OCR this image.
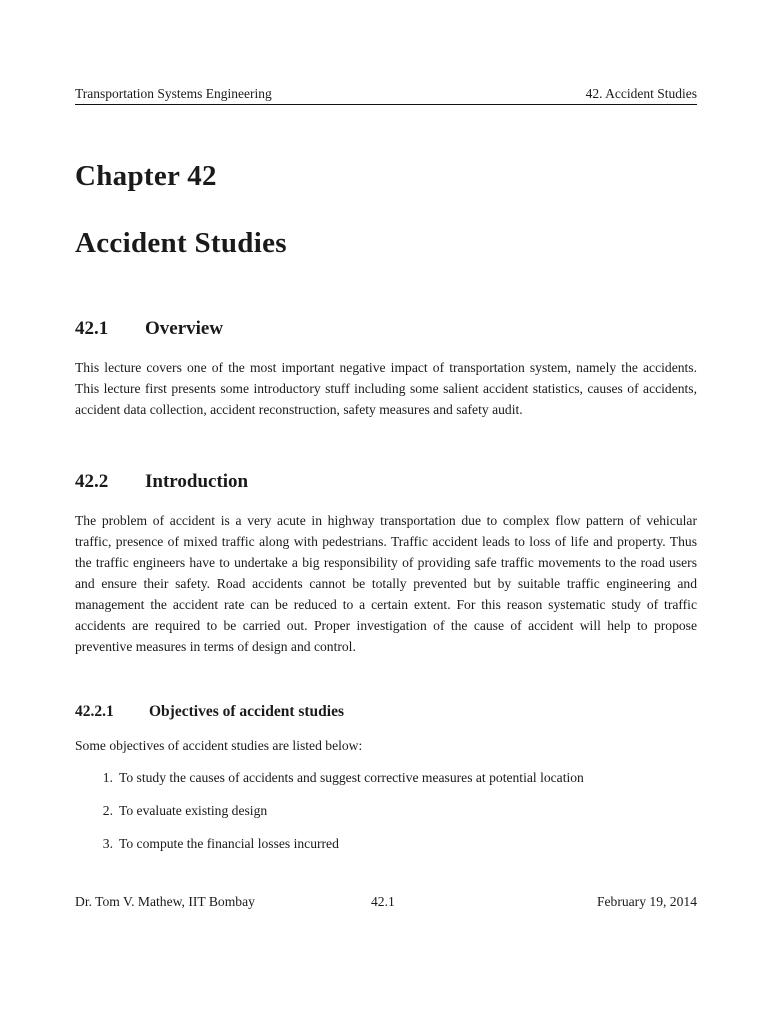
Transportation Systems Engineering	42. Accident Studies
Chapter 42
Accident Studies
42.1	Overview

This lecture covers one of the most important negative impact of transportation system, namely the accidents. This lecture first presents some introductory stuff including some salient accident statistics, causes of accidents, accident data collection, accident reconstruction, safety measures and safety audit.

42.2	Introduction

The problem of accident is a very acute in highway transportation due to complex flow pattern of vehicular traffic, presence of mixed traffic along with pedestrians. Traffic accident leads to loss of life and property. Thus the traffic engineers have to undertake a big responsibility of providing safe traffic movements to the road users and ensure their safety. Road accidents cannot be totally prevented but by suitable traffic engineering and management the accident rate can be reduced to a certain extent. For this reason systematic study of traffic accidents are required to be carried out. Proper investigation of the cause of accident will help to propose preventive measures in terms of design and control.

42.2.1	Objectives of accident studies

Some objectives of accident studies are listed below:

1. To study the causes of accidents and suggest corrective measures at potential location
2. To evaluate existing design
3. To compute the financial losses incurred
Dr. Tom V. Mathew, IIT Bombay	42.1	February 19, 2014
